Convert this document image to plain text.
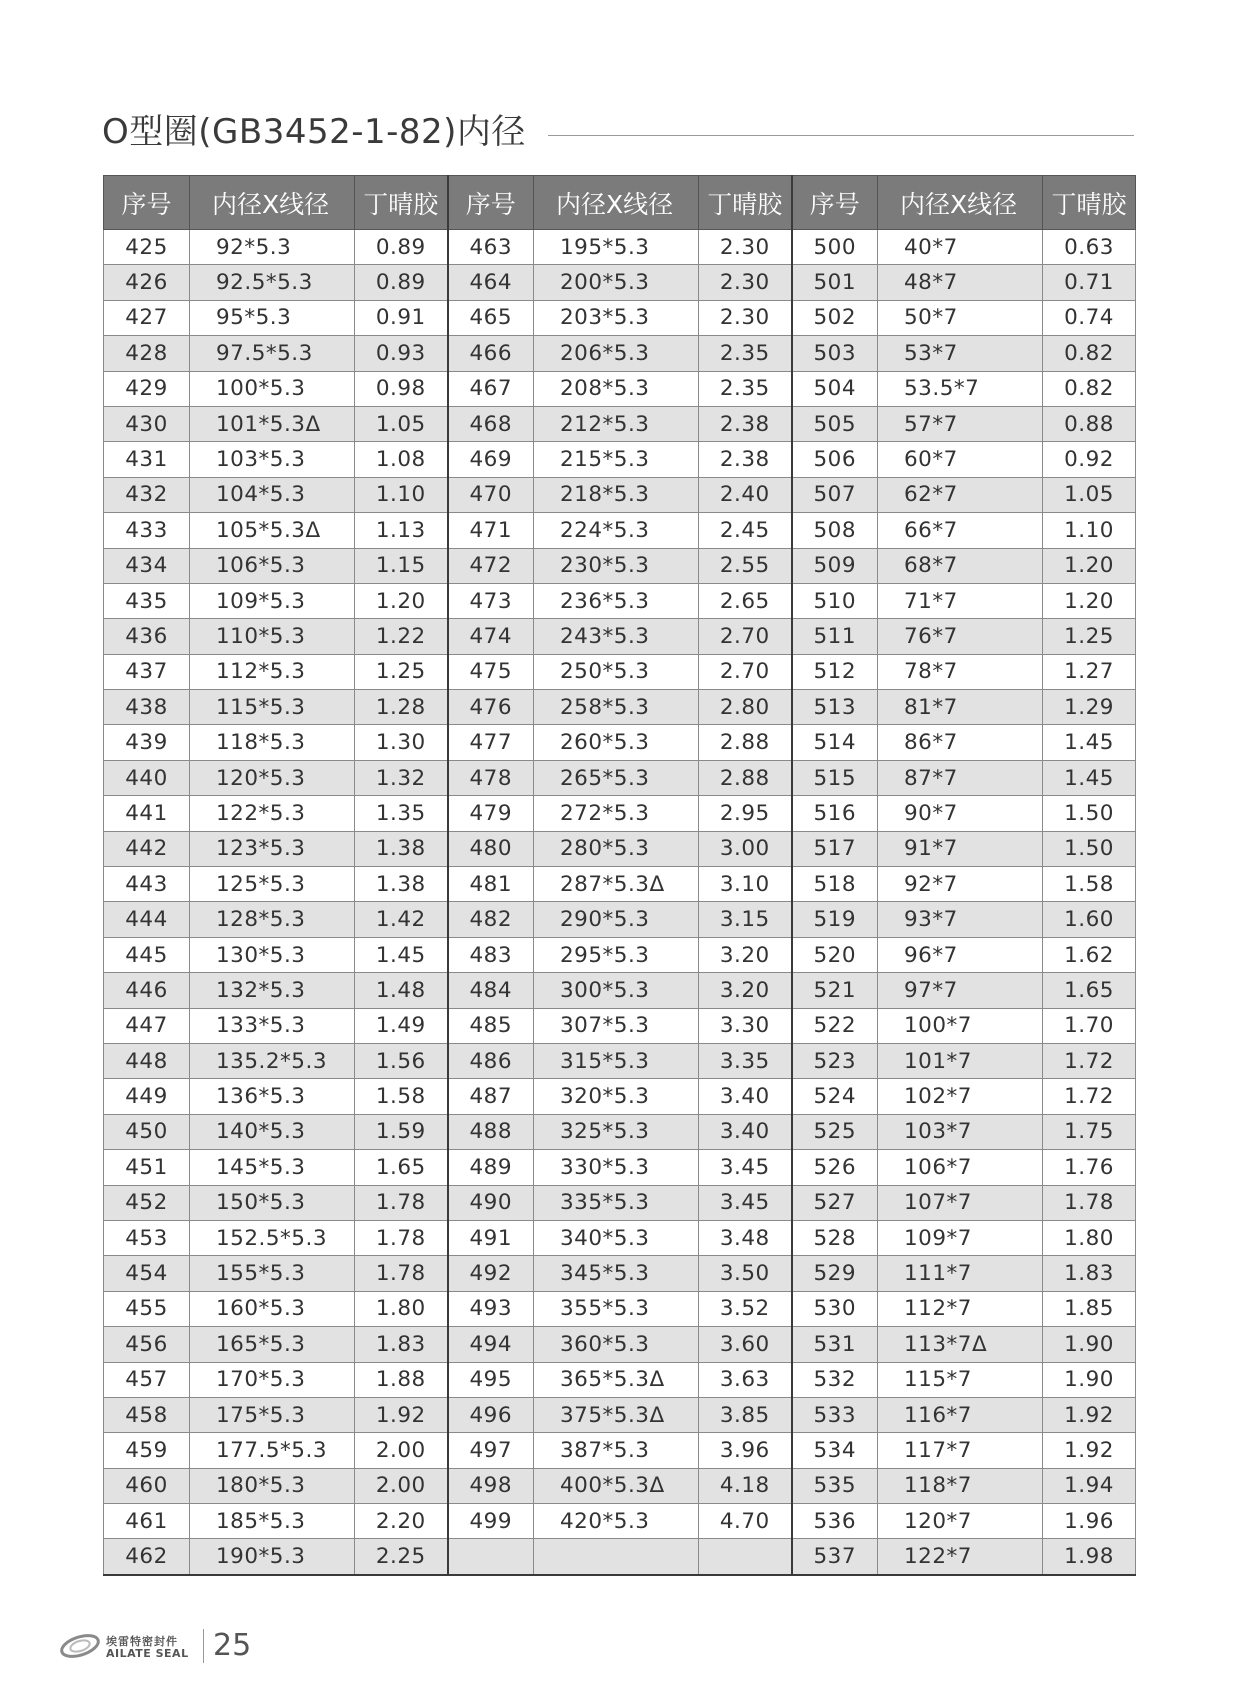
O型圈(GB3452-1-82)内径
序号	内径X线径	丁晴胶	序号	内径X线径	丁晴胶	序号	内径X线径	丁晴胶
425	92*5.3	0.89	463	195*5.3	2.30	500	40*7	0.63
426	92.5*5.3	0.89	464	200*5.3	2.30	501	48*7	0.71
427	95*5.3	0.91	465	203*5.3	2.30	502	50*7	0.74
428	97.5*5.3	0.93	466	206*5.3	2.35	503	53*7	0.82
429	100*5.3	0.98	467	208*5.3	2.35	504	53.5*7	0.82
430	101*5.3Δ	1.05	468	212*5.3	2.38	505	57*7	0.88
431	103*5.3	1.08	469	215*5.3	2.38	506	60*7	0.92
432	104*5.3	1.10	470	218*5.3	2.40	507	62*7	1.05
433	105*5.3Δ	1.13	471	224*5.3	2.45	508	66*7	1.10
434	106*5.3	1.15	472	230*5.3	2.55	509	68*7	1.20
435	109*5.3	1.20	473	236*5.3	2.65	510	71*7	1.20
436	110*5.3	1.22	474	243*5.3	2.70	511	76*7	1.25
437	112*5.3	1.25	475	250*5.3	2.70	512	78*7	1.27
438	115*5.3	1.28	476	258*5.3	2.80	513	81*7	1.29
439	118*5.3	1.30	477	260*5.3	2.88	514	86*7	1.45
440	120*5.3	1.32	478	265*5.3	2.88	515	87*7	1.45
441	122*5.3	1.35	479	272*5.3	2.95	516	90*7	1.50
442	123*5.3	1.38	480	280*5.3	3.00	517	91*7	1.50
443	125*5.3	1.38	481	287*5.3Δ	3.10	518	92*7	1.58
444	128*5.3	1.42	482	290*5.3	3.15	519	93*7	1.60
445	130*5.3	1.45	483	295*5.3	3.20	520	96*7	1.62
446	132*5.3	1.48	484	300*5.3	3.20	521	97*7	1.65
447	133*5.3	1.49	485	307*5.3	3.30	522	100*7	1.70
448	135.2*5.3	1.56	486	315*5.3	3.35	523	101*7	1.72
449	136*5.3	1.58	487	320*5.3	3.40	524	102*7	1.72
450	140*5.3	1.59	488	325*5.3	3.40	525	103*7	1.75
451	145*5.3	1.65	489	330*5.3	3.45	526	106*7	1.76
452	150*5.3	1.78	490	335*5.3	3.45	527	107*7	1.78
453	152.5*5.3	1.78	491	340*5.3	3.48	528	109*7	1.80
454	155*5.3	1.78	492	345*5.3	3.50	529	111*7	1.83
455	160*5.3	1.80	493	355*5.3	3.52	530	112*7	1.85
456	165*5.3	1.83	494	360*5.3	3.60	531	113*7Δ	1.90
457	170*5.3	1.88	495	365*5.3Δ	3.63	532	115*7	1.90
458	175*5.3	1.92	496	375*5.3Δ	3.85	533	116*7	1.92
459	177.5*5.3	2.00	497	387*5.3	3.96	534	117*7	1.92
460	180*5.3	2.00	498	400*5.3Δ	4.18	535	118*7	1.94
461	185*5.3	2.20	499	420*5.3	4.70	536	120*7	1.96
462	190*5.3	2.25				537	122*7	1.98
埃雷特密封件
AILATE SEAL 25
